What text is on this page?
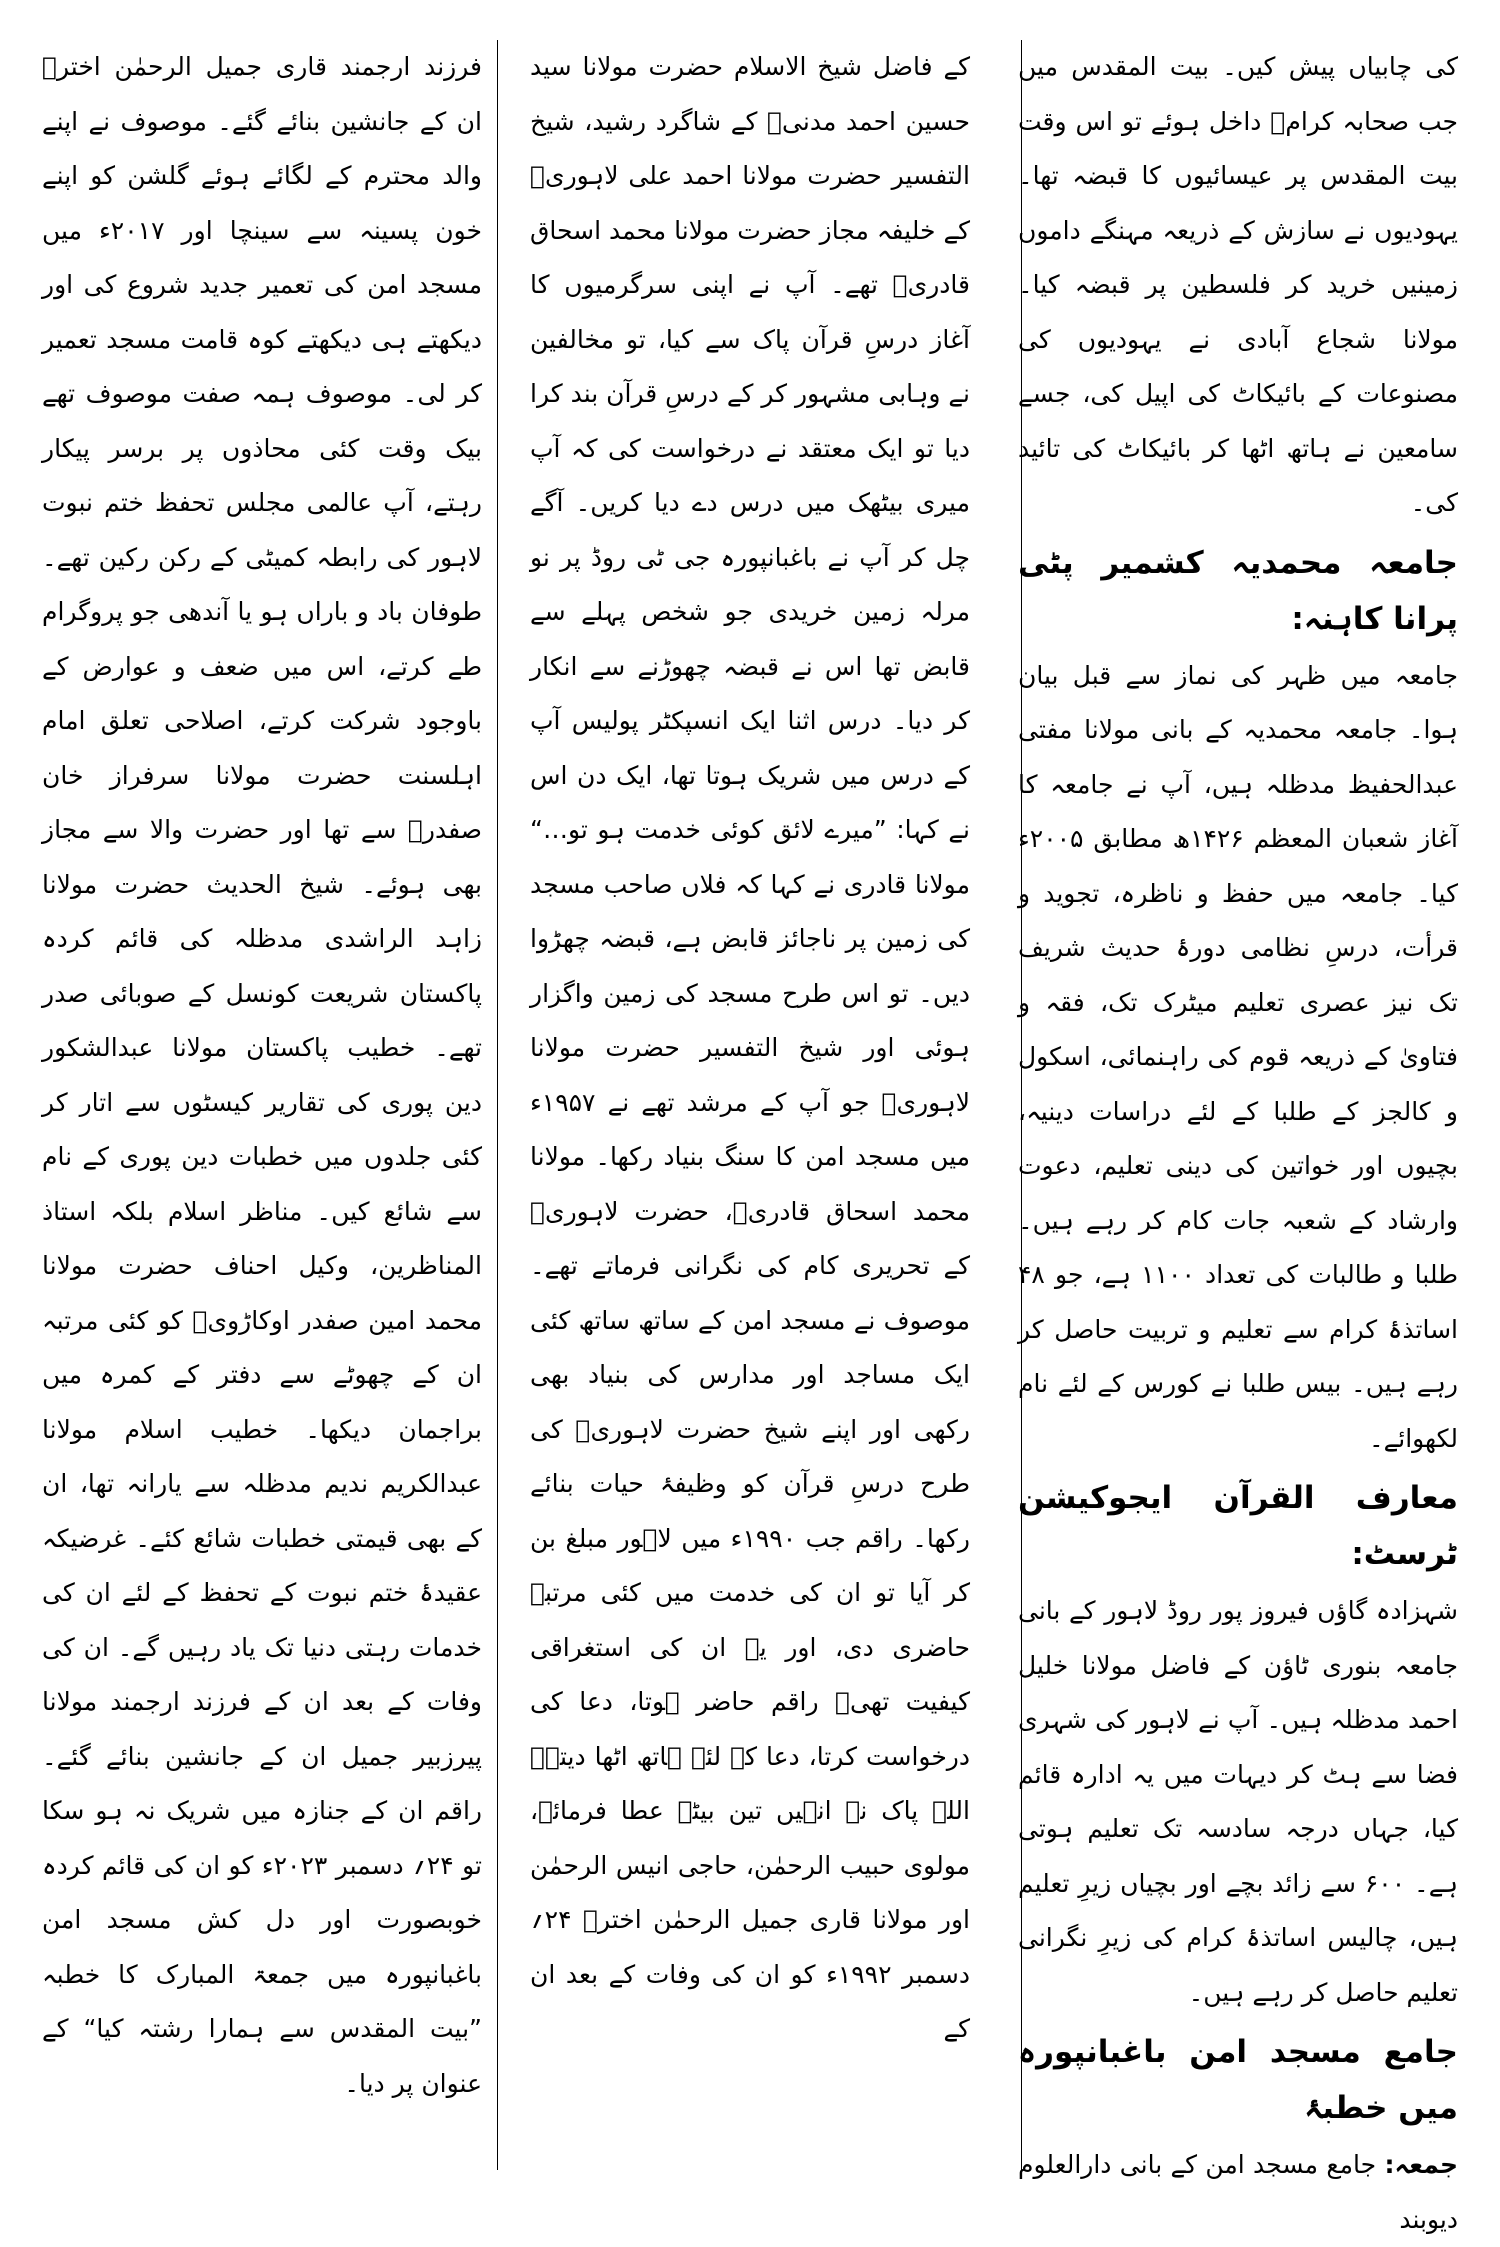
کی چابیاں پیش کیں۔ بیت المقدس میں جب صحابہ کرامؓ داخل ہوئے تو اس وقت بیت المقدس پر عیسائیوں کا قبضہ تھا۔ یہودیوں نے سازش کے ذریعہ مہنگے داموں زمینیں خرید کر فلسطین پر قبضہ کیا۔ مولانا شجاع آبادی نے یہودیوں کی مصنوعات کے بائیکاٹ کی اپیل کی، جسے سامعین نے ہاتھ اٹھا کر بائیکاٹ کی تائید کی۔

جامعہ محمدیہ کشمیر پٹی پرانا کاہنہ:

جامعہ میں ظہر کی نماز سے قبل بیان ہوا۔ جامعہ محمدیہ کے بانی مولانا مفتی عبدالحفیظ مدظلہ ہیں، آپ نے جامعہ کا آغاز شعبان المعظم ۱۴۲۶ھ مطابق ۲۰۰۵ء کیا۔ جامعہ میں حفظ و ناظرہ، تجوید و قرأت، درسِ نظامی دورۂ حدیث شریف تک نیز عصری تعلیم میٹرک تک، فقہ و فتاویٰ کے ذریعہ قوم کی راہنمائی، اسکول و کالجز کے طلبا کے لئے دراسات دینیہ، بچیوں اور خواتین کی دینی تعلیم، دعوت وارشاد کے شعبہ جات کام کر رہے ہیں۔ طلبا و طالبات کی تعداد ۱۱۰۰ ہے، جو ۴۸ اساتذۂ کرام سے تعلیم و تربیت حاصل کر رہے ہیں۔ بیس طلبا نے کورس کے لئے نام لکھوائے۔

معارف القرآن ایجوکیشن ٹرسٹ:

شہزادہ گاؤں فیروز پور روڈ لاہور کے بانی جامعہ بنوری ٹاؤن کے فاضل مولانا خلیل احمد مدظلہ ہیں۔ آپ نے لاہور کی شہری فضا سے ہٹ کر دیہات میں یہ ادارہ قائم کیا، جہاں درجہ سادسہ تک تعلیم ہوتی ہے۔ ۶۰۰ سے زائد بچے اور بچیاں زیرِ تعلیم ہیں، چالیس اساتذۂ کرام کی زیرِ نگرانی تعلیم حاصل کر رہے ہیں۔

جامع مسجد امن باغبانپورہ میں خطبۂ

جمعہ: جامع مسجد امن کے بانی دارالعلوم دیوبند

کے فاضل شیخ الاسلام حضرت مولانا سید حسین احمد مدنیؒ کے شاگرد رشید، شیخ التفسیر حضرت مولانا احمد علی لاہوریؒ کے خلیفہ مجاز حضرت مولانا محمد اسحاق قادریؒ تھے۔ آپ نے اپنی سرگرمیوں کا آغاز درسِ قرآن پاک سے کیا، تو مخالفین نے وہابی مشہور کر کے درسِ قرآن بند کرا دیا تو ایک معتقد نے درخواست کی کہ آپ میری بیٹھک میں درس دے دیا کریں۔ آگے چل کر آپ نے باغبانپورہ جی ٹی روڈ پر نو مرلہ زمین خریدی جو شخص پہلے سے قابض تھا اس نے قبضہ چھوڑنے سے انکار کر دیا۔ درس اثنا ایک انسپکٹر پولیس آپ کے درس میں شریک ہوتا تھا، ایک دن اس نے کہا: ”میرے لائق کوئی خدمت ہو تو…“ مولانا قادری نے کہا کہ فلاں صاحب مسجد کی زمین پر ناجائز قابض ہے، قبضہ چھڑوا دیں۔ تو اس طرح مسجد کی زمین واگزار ہوئی اور شیخ التفسیر حضرت مولانا لاہوریؒ جو آپ کے مرشد تھے نے ۱۹۵۷ء میں مسجد امن کا سنگ بنیاد رکھا۔ مولانا محمد اسحاق قادریؒ، حضرت لاہوریؒ کے تحریری کام کی نگرانی فرماتے تھے۔ موصوف نے مسجد امن کے ساتھ ساتھ کئی ایک مساجد اور مدارس کی بنیاد بھی رکھی اور اپنے شیخ حضرت لاہوریؒ کی طرح درسِ قرآن کو وظیفۂ حیات بنائے رکھا۔ راقم جب ۱۹۹۰ء میں لاہور مبلغ بن کر آیا تو ان کی خدمت میں کئی مرتبہ حاضری دی، اور یہ ان کی استغراقی کیفیت تھی۔ راقم حاضر ہوتا، دعا کی درخواست کرتا، دعا کے لئے ہاتھ اٹھا دیتے۔ اللہ پاک نے انہیں تین بیٹے عطا فرمائے، مولوی حبیب الرحمٰن، حاجی انیس الرحمٰن اور مولانا قاری جمیل الرحمٰن اخترؒ ۲۴؍ دسمبر ۱۹۹۲ء کو ان کی وفات کے بعد ان کے

فرزند ارجمند قاری جمیل الرحمٰن اخترؒ ان کے جانشین بنائے گئے۔ موصوف نے اپنے والد محترم کے لگائے ہوئے گلشن کو اپنے خون پسینہ سے سینچا اور ۲۰۱۷ء میں مسجد امن کی تعمیر جدید شروع کی اور دیکھتے ہی دیکھتے کوہ قامت مسجد تعمیر کر لی۔ موصوف ہمہ صفت موصوف تھے بیک وقت کئی محاذوں پر برسر پیکار رہتے، آپ عالمی مجلس تحفظ ختم نبوت لاہور کی رابطہ کمیٹی کے رکن رکین تھے۔ طوفان باد و باراں ہو یا آندھی جو پروگرام طے کرتے، اس میں ضعف و عوارض کے باوجود شرکت کرتے، اصلاحی تعلق امام اہلسنت حضرت مولانا سرفراز خان صفدرؒ سے تھا اور حضرت والا سے مجاز بھی ہوئے۔ شیخ الحدیث حضرت مولانا زاہد الراشدی مدظلہ کی قائم کردہ پاکستان شریعت کونسل کے صوبائی صدر تھے۔ خطیب پاکستان مولانا عبدالشکور دین پوری کی تقاریر کیسٹوں سے اتار کر کئی جلدوں میں خطبات دین پوری کے نام سے شائع کیں۔ مناظر اسلام بلکہ استاذ المناظرین، وکیل احناف حضرت مولانا محمد امین صفدر اوکاڑویؒ کو کئی مرتبہ ان کے چھوٹے سے دفتر کے کمرہ میں براجمان دیکھا۔ خطیب اسلام مولانا عبدالکریم ندیم مدظلہ سے یارانہ تھا، ان کے بھی قیمتی خطبات شائع کئے۔ غرضیکہ عقیدۂ ختم نبوت کے تحفظ کے لئے ان کی خدمات رہتی دنیا تک یاد رہیں گے۔ ان کی وفات کے بعد ان کے فرزند ارجمند مولانا پیرزبیر جمیل ان کے جانشین بنائے گئے۔ راقم ان کے جنازہ میں شریک نہ ہو سکا تو ۲۴؍ دسمبر ۲۰۲۳ء کو ان کی قائم کردہ خوبصورت اور دل کش مسجد امن باغبانپورہ میں جمعۃ المبارک کا خطبہ ”بیت المقدس سے ہمارا رشتہ کیا“ کے عنوان پر دیا۔
